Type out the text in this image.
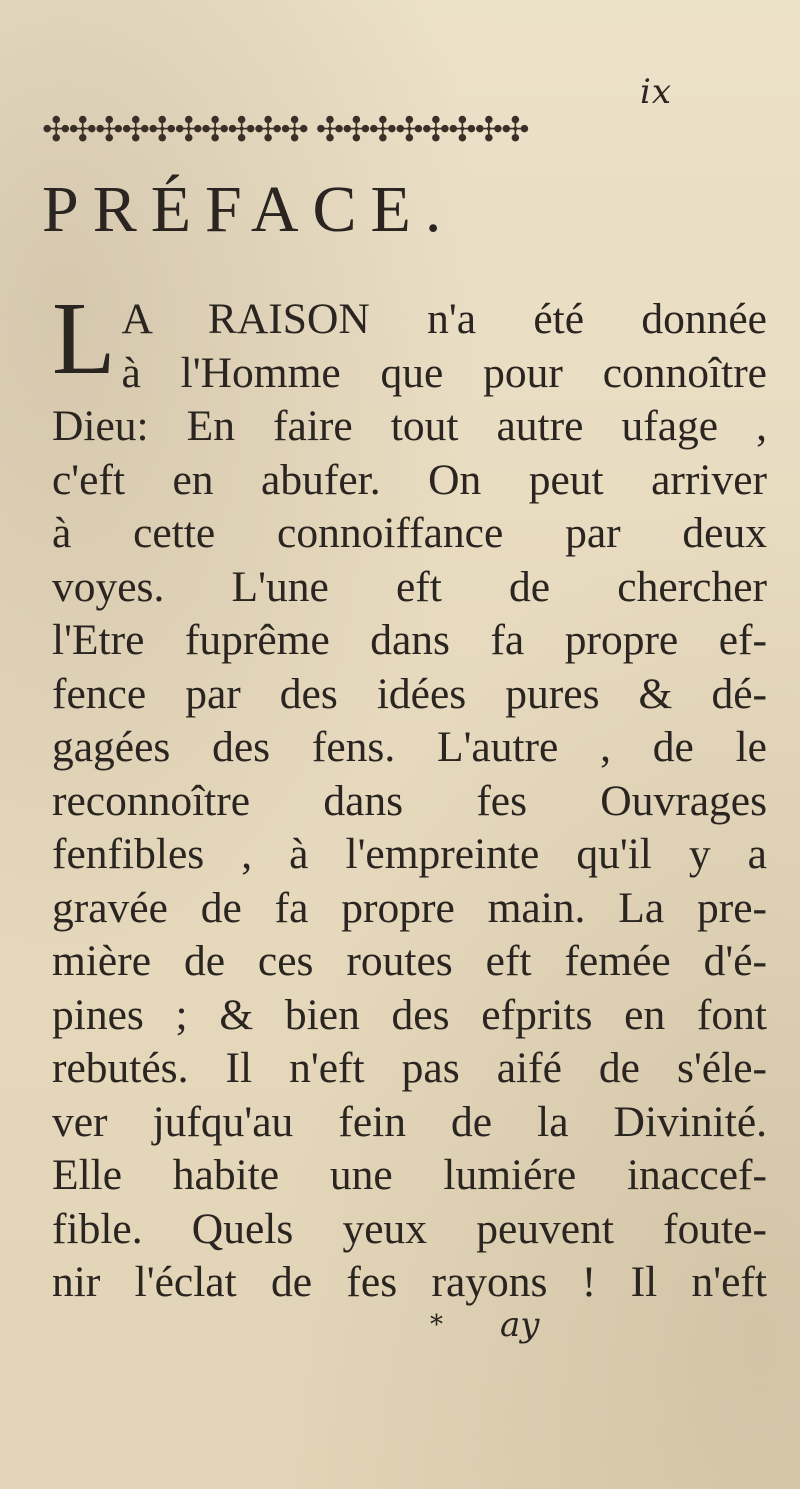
ix
✣✣✣✣✣✣✣✣✣✣ ✣✣✣✣✣✣✣✣
PRÉFACE.
L A RAISON n'a été donnée
à l'Homme que pour connoître
Dieu: En faire tout autre ufage ,
c'eft en abufer. On peut arriver
à cette connoiffance par deux
voyes. L'une eft de chercher
l'Etre fuprême dans fa propre ef-
fence par des idées pures & dé-
gagées des fens. L'autre , de le
reconnoître dans fes Ouvrages
fenfibles , à l'empreinte qu'il y a
gravée de fa propre main. La pre-
mière de ces routes eft femée d'é-
pines ; & bien des efprits en font
rebutés. Il n'eft pas aifé de s'éle-
ver jufqu'au fein de la Divinité.
Elle habite une lumiére inaccef-
fible. Quels yeux peuvent foute-
nir l'éclat de fes rayons ! Il n'eft
* ay
